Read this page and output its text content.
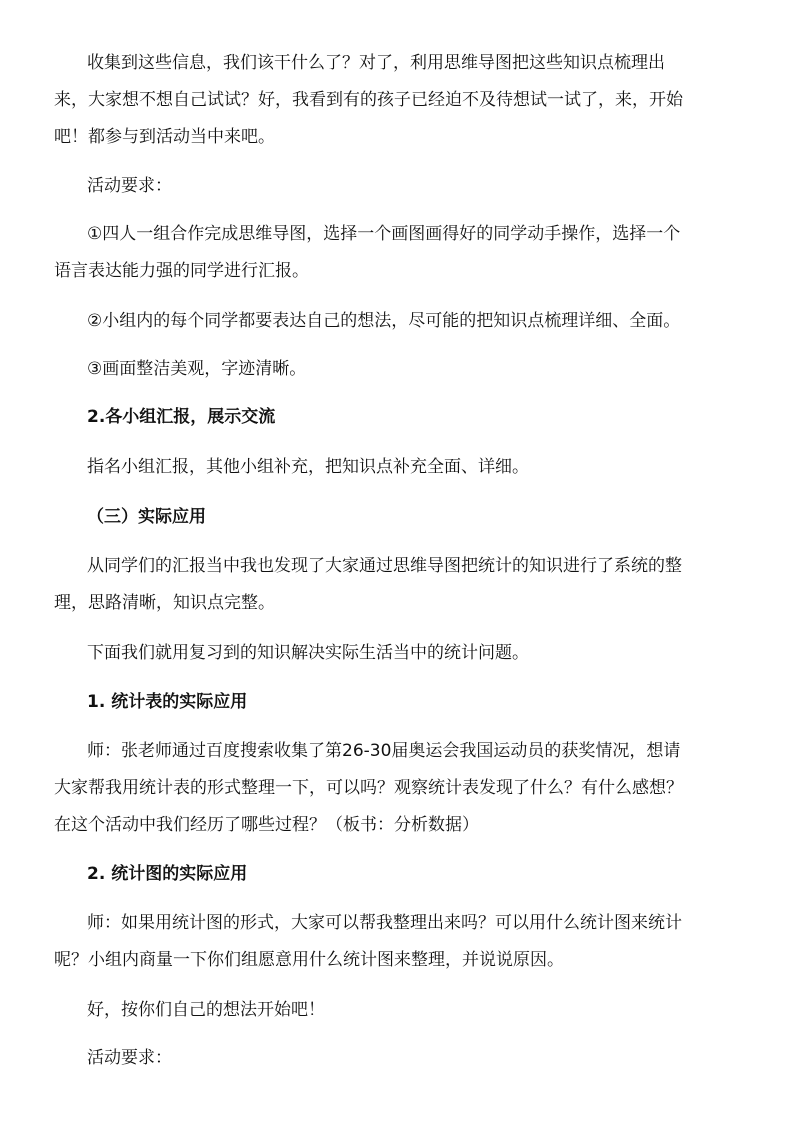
收集到这些信息，我们该干什么了？对了，利用思维导图把这些知识点梳理出
来，大家想不想自己试试？好，我看到有的孩子已经迫不及待想试一试了，来，开始
吧！都参与到活动当中来吧。
活动要求：
①四人一组合作完成思维导图，选择一个画图画得好的同学动手操作，选择一个
语言表达能力强的同学进行汇报。
②小组内的每个同学都要表达自己的想法，尽可能的把知识点梳理详细、全面。
③画面整洁美观，字迹清晰。
2.各小组汇报，展示交流
指名小组汇报，其他小组补充，把知识点补充全面、详细。
（三）实际应用
从同学们的汇报当中我也发现了大家通过思维导图把统计的知识进行了系统的整
理，思路清晰，知识点完整。
下面我们就用复习到的知识解决实际生活当中的统计问题。
1. 统计表的实际应用
师：张老师通过百度搜索收集了第26-30届奥运会我国运动员的获奖情况，想请
大家帮我用统计表的形式整理一下，可以吗？观察统计表发现了什么？有什么感想？
在这个活动中我们经历了哪些过程？（板书：分析数据）
2. 统计图的实际应用
师：如果用统计图的形式，大家可以帮我整理出来吗？可以用什么统计图来统计
呢？小组内商量一下你们组愿意用什么统计图来整理，并说说原因。
好，按你们自己的想法开始吧！
活动要求：
